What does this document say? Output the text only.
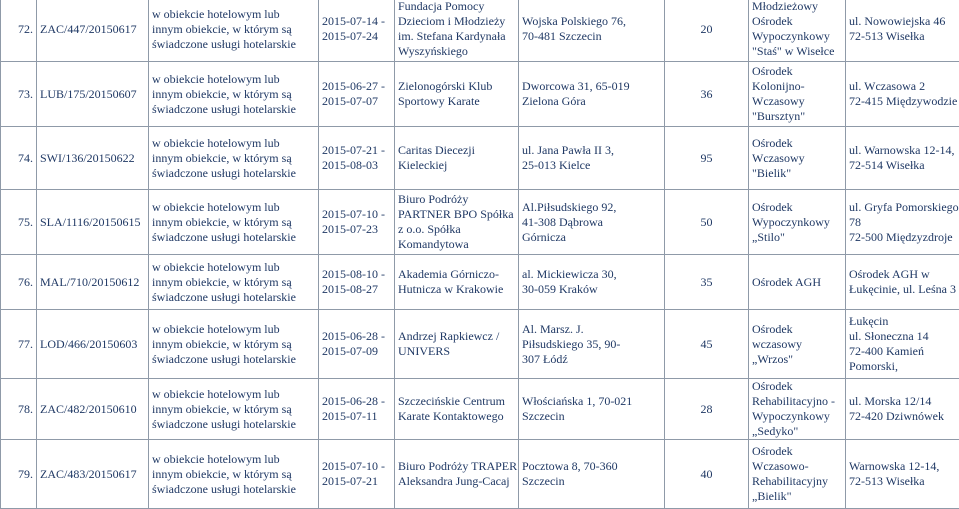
72.	ZAC/447/20150617	w obiekcie hotelowym lub
innym obiekcie, w którym są
świadczone usługi hotelarskie	2015-07-14 -
2015-07-24	Fundacja Pomocy
Dzieciom i Młodzieży
im. Stefana Kardynała
Wyszyńskiego	Wojska Polskiego 76,
70-481 Szczecin	20	Młodzieżowy
Ośrodek
Wypoczynkowy
"Staś" w Wisełce	ul. Nowowiejska 46
72-513 Wisełka

73.	LUB/175/20150607	w obiekcie hotelowym lub
innym obiekcie, w którym są
świadczone usługi hotelarskie	2015-06-27 -
2015-07-07	Zielonogórski Klub
Sportowy Karate	Dworcowa 31, 65-019
Zielona Góra	36	Ośrodek
Kolonijno-
Wczasowy
"Bursztyn"	ul. Wczasowa 2
72-415 Międzywodzie

74.	SWI/136/20150622	w obiekcie hotelowym lub
innym obiekcie, w którym są
świadczone usługi hotelarskie	2015-07-21 -
2015-08-03	Caritas Diecezji
Kieleckiej	ul. Jana Pawła II 3,
25-013 Kielce	95	Ośrodek
Wczasowy
"Bielik"	ul. Warnowska 12-14,
72-514 Wisełka

75.	SLA/1116/20150615	w obiekcie hotelowym lub
innym obiekcie, w którym są
świadczone usługi hotelarskie	2015-07-10 -
2015-07-23	Biuro Podróży
PARTNER BPO Spółka
z o.o. Spółka
Komandytowa	Al.Piłsudskiego 92,
41-308 Dąbrowa
Górnicza	50	Ośrodek
Wypoczynkowy
„Stilo"	ul. Gryfa Pomorskiego
78
72-500 Międzyzdroje

76.	MAL/710/20150612	w obiekcie hotelowym lub
innym obiekcie, w którym są
świadczone usługi hotelarskie	2015-08-10 -
2015-08-27	Akademia Górniczo-
Hutnicza w Krakowie	al. Mickiewicza 30,
30-059 Kraków	35	Ośrodek AGH	Ośrodek AGH w
Łukęcinie, ul. Leśna 3

77.	LOD/466/20150603	w obiekcie hotelowym lub
innym obiekcie, w którym są
świadczone usługi hotelarskie	2015-06-28 -
2015-07-09	Andrzej Rapkiewcz /
UNIVERS	Al. Marsz. J.
Piłsudskiego 35, 90-
307 Łódź	45	Ośrodek
wczasowy
„Wrzos"	Łukęcin
ul. Słoneczna 14
72-400 Kamień
Pomorski,

78.	ZAC/482/20150610	w obiekcie hotelowym lub
innym obiekcie, w którym są
świadczone usługi hotelarskie	2015-06-28 -
2015-07-11	Szczecińskie Centrum
Karate Kontaktowego	Włościańska 1, 70-021
Szczecin	28	Ośrodek
Rehabilitacyjno -
Wypoczynkowy
„Sedyko"	ul. Morska 12/14
72-420 Dziwnówek

79.	ZAC/483/20150617	w obiekcie hotelowym lub
innym obiekcie, w którym są
świadczone usługi hotelarskie	2015-07-10 -
2015-07-21	Biuro Podróży TRAPER
Aleksandra Jung-Cacaj	Pocztowa 8, 70-360
Szczecin	40	Ośrodek
Wczasowo-
Rehabilitacyjny
„Bielik"	Warnowska 12-14,
72-513 Wisełka
